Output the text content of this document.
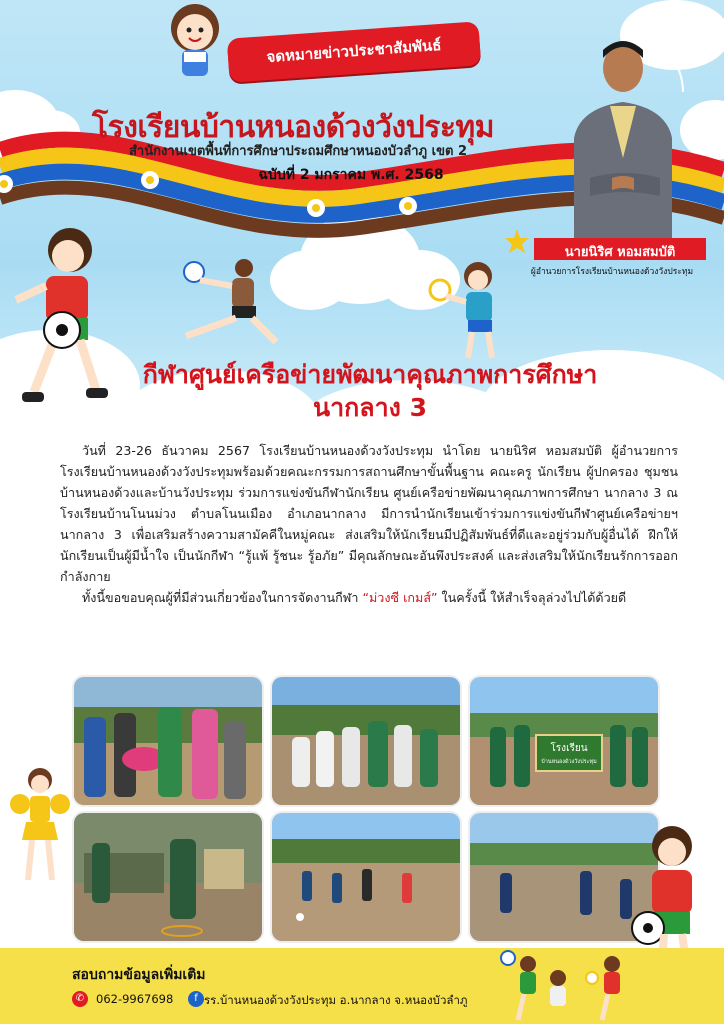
จดหมายข่าวประชาสัมพันธ์
โรงเรียนบ้านหนองด้วงวังประทุม
สำนักงานเขตพื้นที่การศึกษาประถมศึกษาหนองบัวลำภู เขต 2
ฉบับที่ 2 มกราคม พ.ศ. 2568
นายนิริศ หอมสมบัติ
ผู้อำนวยการโรงเรียนบ้านหนองด้วงวังประทุม
กีฬาศูนย์เครือข่ายพัฒนาคุณภาพการศึกษา
นากลาง 3

วันที่ 23-26 ธันวาคม 2567 โรงเรียนบ้านหนองด้วงวังประทุม นำโดย นายนิริศ หอมสมบัติ ผู้อำนวยการโรงเรียนบ้านหนองด้วงวังประทุมพร้อมด้วยคณะกรรมการสถานศึกษาขั้นพื้นฐาน คณะครู นักเรียน ผู้ปกครอง ชุมชนบ้านหนองด้วงและบ้านวังประทุม ร่วมการแข่งขันกีฬานักเรียน ศูนย์เครือข่ายพัฒนาคุณภาพการศึกษา นากลาง 3 ณ โรงเรียนบ้านโนนม่วง ตำบลโนนเมือง อำเภอนากลาง มีการนำนักเรียนเข้าร่วมการแข่งขันกีฬาศูนย์เครือข่ายฯ นากลาง 3 เพื่อเสริมสร้างความสามัคคีในหมู่คณะ ส่งเสริมให้นักเรียนมีปฏิสัมพันธ์ที่ดีและอยู่ร่วมกับผู้อื่นได้ ฝึกให้นักเรียนเป็นผู้มีน้ำใจ เป็นนักกีฬา “รู้แพ้ รู้ชนะ รู้อภัย” มีคุณลักษณะอันพึงประสงค์ และส่งเสริมให้นักเรียนรักการออกกำลังกาย

ทั้งนี้ขอขอบคุณผู้ที่มีส่วนเกี่ยวข้องในการจัดงานกีฬา “ม่วงซี เกมส์” ในครั้งนี้ ให้สำเร็จลุล่วงไปได้ด้วยดี

โรงเรียน
บ้านหนองด้วงวังประทุม
สอบถามข้อมูลเพิ่มเติม
✆	062-9967698	f รร.บ้านหนองด้วงวังประทุม อ.นากลาง จ.หนองบัวลำภู
